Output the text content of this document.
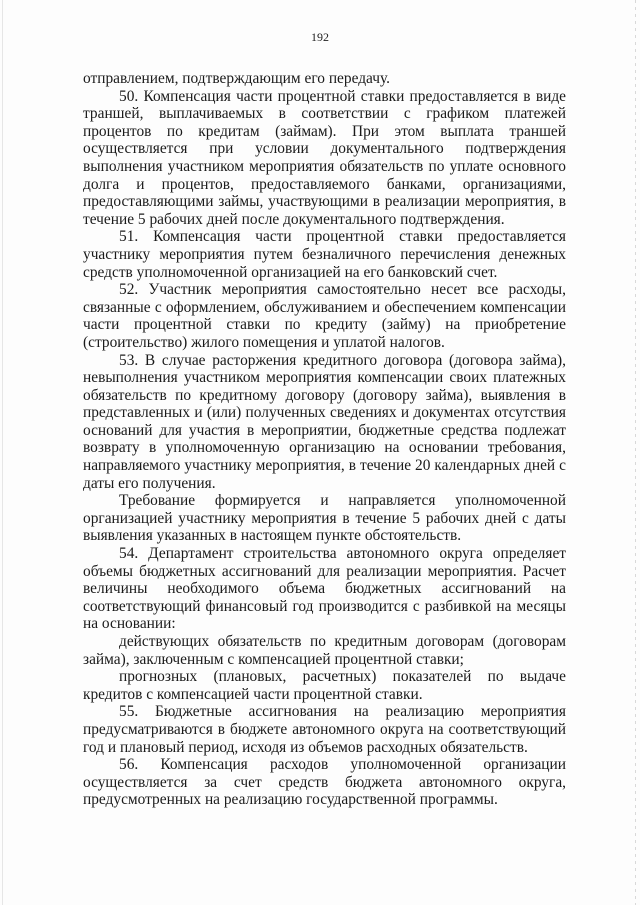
192

отправлением, подтверждающим его передачу.

50. Компенсация части процентной ставки предоставляется в виде траншей, выплачиваемых в соответствии с графиком платежей процентов по кредитам (займам). При этом выплата траншей осуществляется при условии документального подтверждения выполнения участником мероприятия обязательств по уплате основного долга и процентов, предоставляемого банками, организациями, предоставляющими займы, участвующими в реализации мероприятия, в течение 5 рабочих дней после документального подтверждения.

51. Компенсация части процентной ставки предоставляется участнику мероприятия путем безналичного перечисления денежных средств уполномоченной организацией на его банковский счет.

52. Участник мероприятия самостоятельно несет все расходы, связанные с оформлением, обслуживанием и обеспечением компенсации части процентной ставки по кредиту (займу) на приобретение (строительство) жилого помещения и уплатой налогов.

53. В случае расторжения кредитного договора (договора займа), невыполнения участником мероприятия компенсации своих платежных обязательств по кредитному договору (договору займа), выявления в представленных и (или) полученных сведениях и документах отсутствия оснований для участия в мероприятии, бюджетные средства подлежат возврату в уполномоченную организацию на основании требования, направляемого участнику мероприятия, в течение 20 календарных дней с даты его получения.

Требование формируется и направляется уполномоченной организацией участнику мероприятия в течение 5 рабочих дней с даты выявления указанных в настоящем пункте обстоятельств.

54. Департамент строительства автономного округа определяет объемы бюджетных ассигнований для реализации мероприятия. Расчет величины необходимого объема бюджетных ассигнований на соответствующий финансовый год производится с разбивкой на месяцы на основании:

действующих обязательств по кредитным договорам (договорам займа), заключенным с компенсацией процентной ставки;

прогнозных (плановых, расчетных) показателей по выдаче кредитов с компенсацией части процентной ставки.

55. Бюджетные ассигнования на реализацию мероприятия предусматриваются в бюджете автономного округа на соответствующий год и плановый период, исходя из объемов расходных обязательств.

56. Компенсация расходов уполномоченной организации осуществляется за счет средств бюджета автономного округа, предусмотренных на реализацию государственной программы.
